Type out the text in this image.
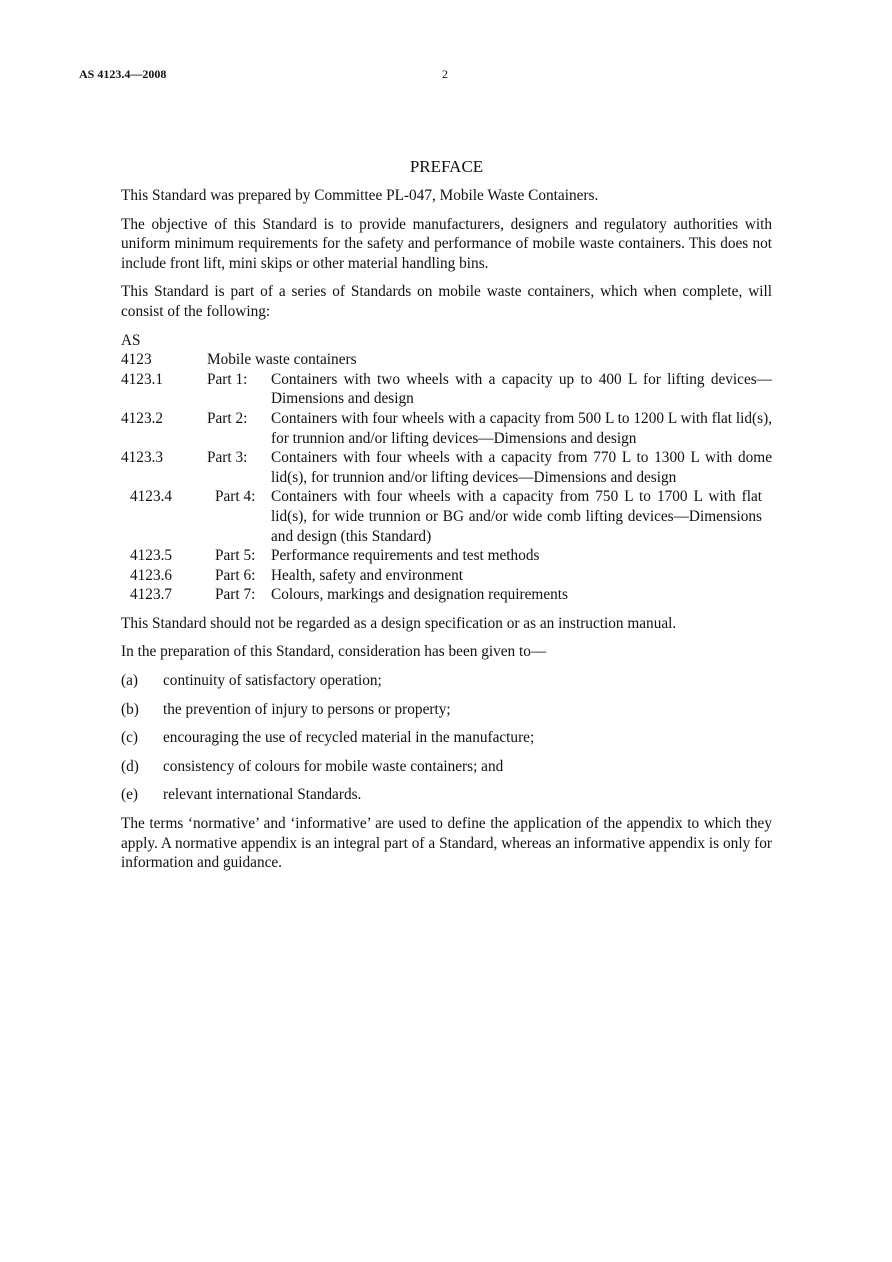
AS 4123.4—2008	2
PREFACE

This Standard was prepared by Committee PL-047, Mobile Waste Containers.

The objective of this Standard is to provide manufacturers, designers and regulatory authorities with uniform minimum requirements for the safety and performance of mobile waste containers. This does not include front lift, mini skips or other material handling bins.

This Standard is part of a series of Standards on mobile waste containers, which when complete, will consist of the following:

AS
4123	Mobile waste containers
4123.1	Part 1:	Containers with two wheels with a capacity up to 400 L for lifting devices—Dimensions and design
4123.2	Part 2:	Containers with four wheels with a capacity from 500 L to 1200 L with flat lid(s), for trunnion and/or lifting devices—Dimensions and design
4123.3	Part 3:	Containers with four wheels with a capacity from 770 L to 1300 L with dome lid(s), for trunnion and/or lifting devices—Dimensions and design
4123.4	Part 4:	Containers with four wheels with a capacity from 750 L to 1700 L with flat lid(s), for wide trunnion or BG and/or wide comb lifting devices—Dimensions and design (this Standard)
4123.5	Part 5:	Performance requirements and test methods
4123.6	Part 6:	Health, safety and environment
4123.7	Part 7:	Colours, markings and designation requirements

This Standard should not be regarded as a design specification or as an instruction manual.

In the preparation of this Standard, consideration has been given to—

(a)	continuity of satisfactory operation;
(b)	the prevention of injury to persons or property;
(c)	encouraging the use of recycled material in the manufacture;
(d)	consistency of colours for mobile waste containers; and
(e)	relevant international Standards.

The terms ‘normative’ and ‘informative’ are used to define the application of the appendix to which they apply. A normative appendix is an integral part of a Standard, whereas an informative appendix is only for information and guidance.
